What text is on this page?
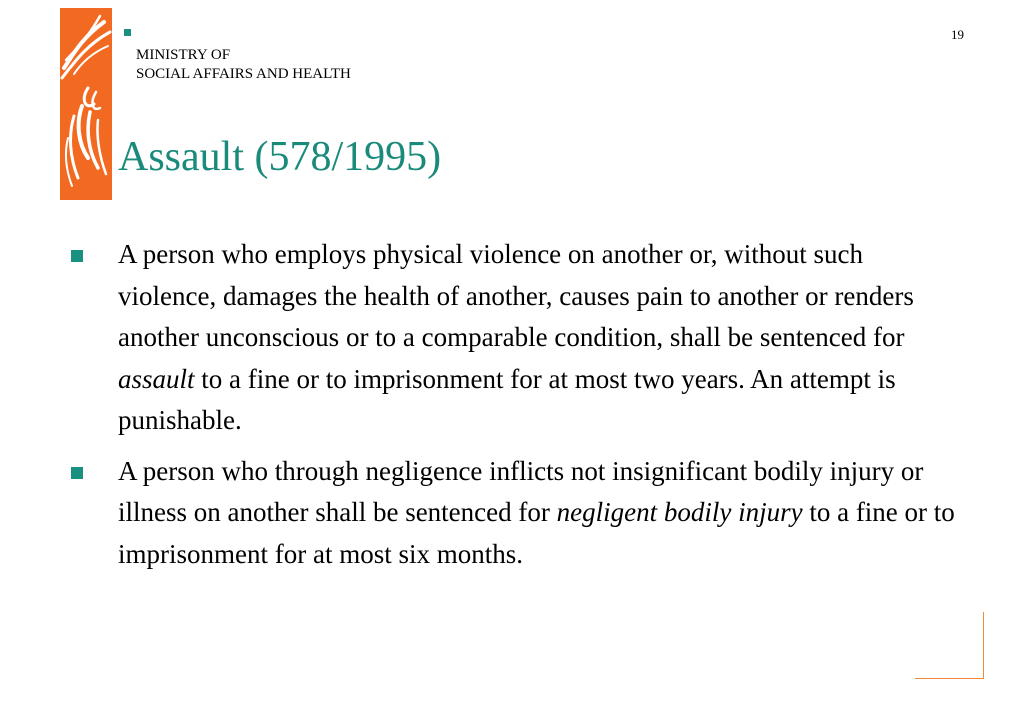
MINISTRY OF
SOCIAL AFFAIRS AND HEALTH
19
Assault (578/1995)
A person who employs physical violence on another or, without such violence, damages the health of another, causes pain to another or renders another unconscious or to a comparable condition, shall be sentenced for assault to a fine or to imprisonment for at most two years. An attempt is punishable.
A person who through negligence inflicts not insignificant bodily injury or illness on another shall be sentenced for negligent bodily injury to a fine or to imprisonment for at most six months.
